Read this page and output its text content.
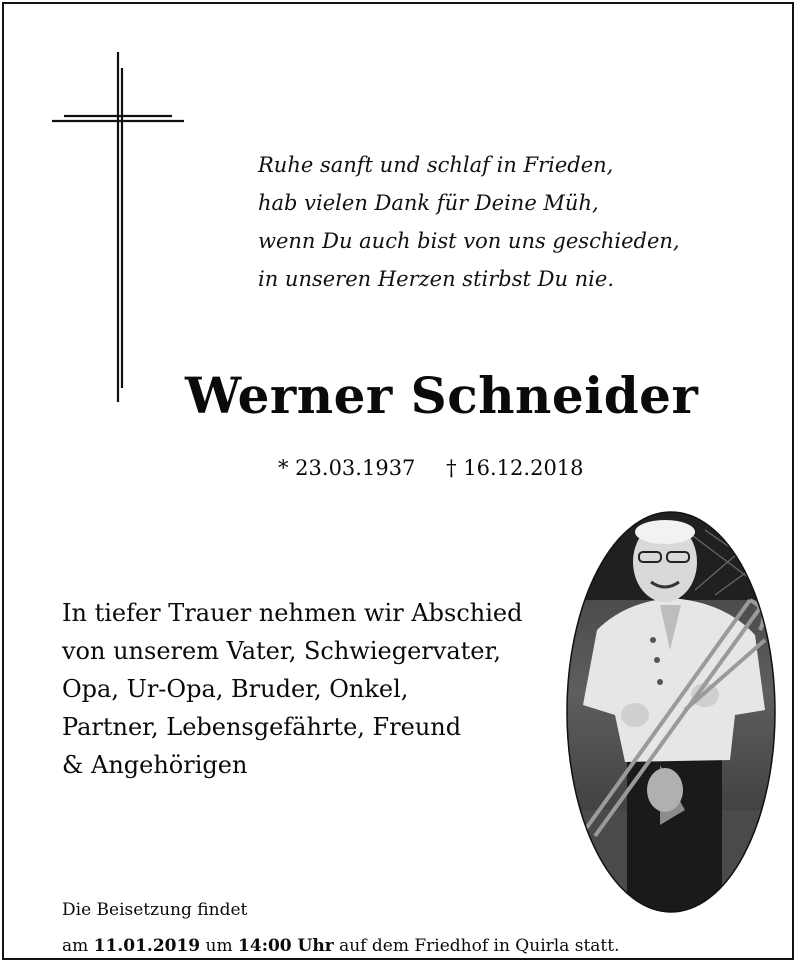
Ruhe sanft und schlaf in Frieden,
hab vielen Dank für Deine Müh,
wenn Du auch bist von uns geschieden,
in unseren Herzen stirbst Du nie.
Werner Schneider
* 23.03.1937 † 16.12.2018
In tiefer Trauer nehmen wir Abschied
von unserem Vater, Schwiegervater,
Opa, Ur-Opa, Bruder, Onkel,
Partner, Lebensgefährte, Freund
& Angehörigen
Die Beisetzung findet
am 11.01.2019 um 14:00 Uhr auf dem Friedhof in Quirla statt.
